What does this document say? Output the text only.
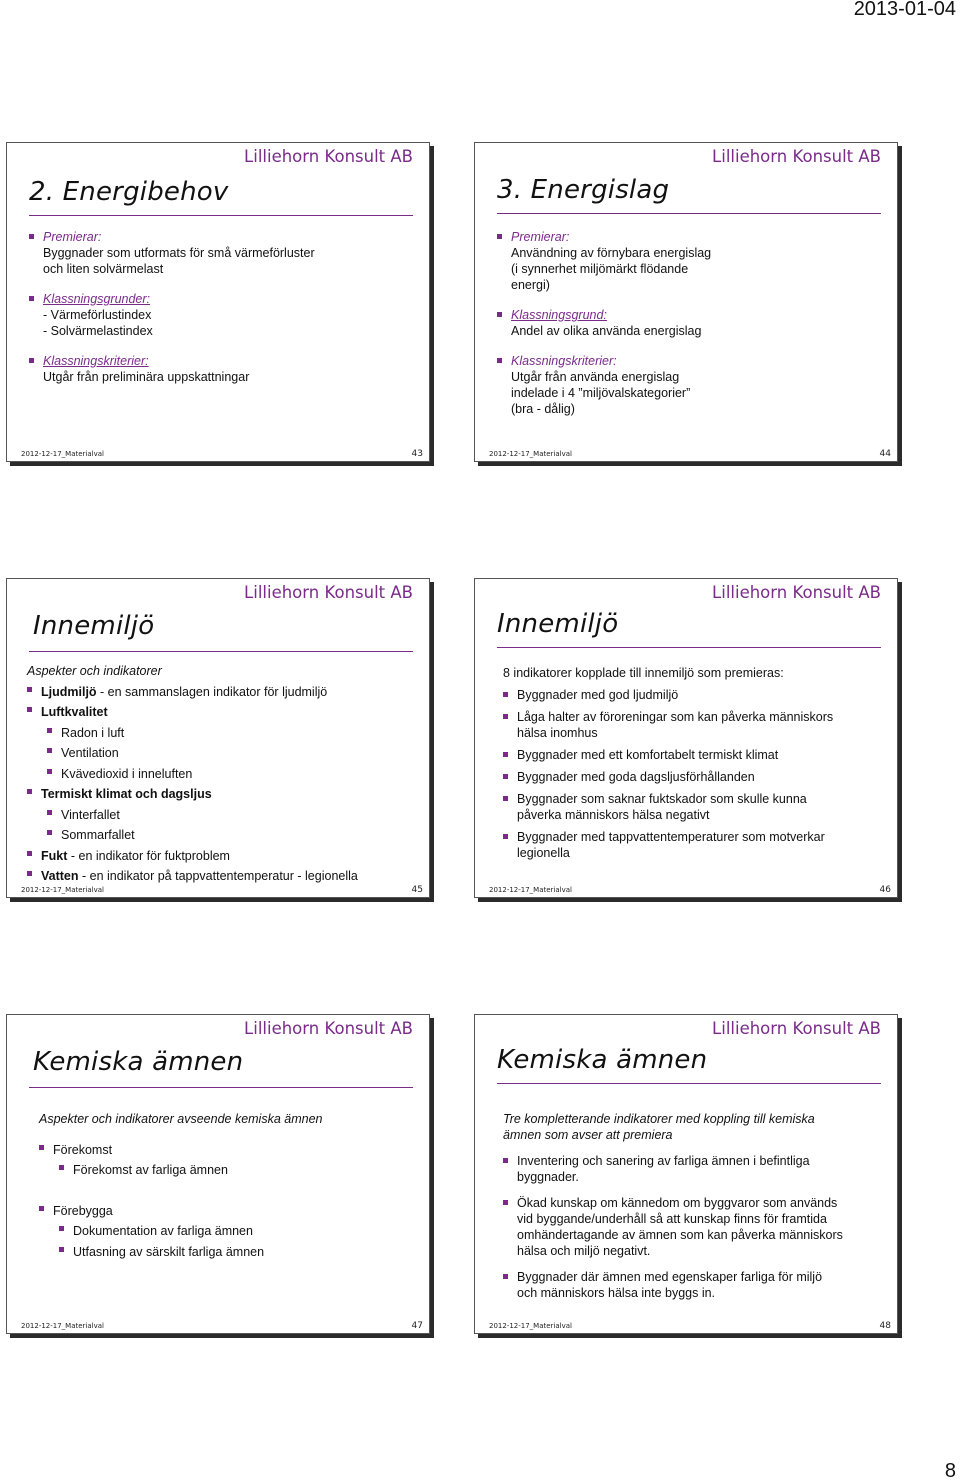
2013-01-04
Lilliehorn Konsult AB
2. Energibehov
Premierar:
Byggnader som utformats för små värmeförluster
och liten solvärmelast
Klassningsgrunder:
- Värmeförlustindex
- Solvärmelastindex
Klassningskriterier:
Utgår från preliminära uppskattningar
2012-12-17_Materialval	43
Lilliehorn Konsult AB
3. Energislag
Premierar:
Användning av förnybara energislag
(i synnerhet miljömärkt flödande
energi)
Klassningsgrund:
Andel av olika använda energislag
Klassningskriterier:
Utgår från använda energislag
indelade i 4 ”miljövalskategorier”
(bra - dålig)
2012-12-17_Materialval	44
Lilliehorn Konsult AB
Innemiljö
Aspekter och indikatorer
Ljudmiljö - en sammanslagen indikator för ljudmiljö
Luftkvalitet
Radon i luft
Ventilation
Kvävedioxid i inneluften
Termiskt klimat och dagsljus
Vinterfallet
Sommarfallet
Fukt - en indikator för fuktproblem
Vatten - en indikator på tappvattentemperatur - legionella
2012-12-17_Materialval	45
Lilliehorn Konsult AB
Innemiljö
8 indikatorer kopplade till innemiljö som premieras:
Byggnader med god ljudmiljö
Låga halter av föroreningar som kan påverka människors
hälsa inomhus
Byggnader med ett komfortabelt termiskt klimat
Byggnader med goda dagsljusförhållanden
Byggnader som saknar fuktskador som skulle kunna
påverka människors hälsa negativt
Byggnader med tappvattentemperaturer som motverkar
legionella
2012-12-17_Materialval	46
Lilliehorn Konsult AB
Kemiska ämnen
Aspekter och indikatorer avseende kemiska ämnen
Förekomst
Förekomst av farliga ämnen
Förebygga
Dokumentation av farliga ämnen
Utfasning av särskilt farliga ämnen
2012-12-17_Materialval	47
Lilliehorn Konsult AB
Kemiska ämnen
Tre kompletterande indikatorer med koppling till kemiska
ämnen som avser att premiera
Inventering och sanering av farliga ämnen i befintliga
byggnader.
Ökad kunskap om kännedom om byggvaror som används
vid byggande/underhåll så att kunskap finns för framtida
omhändertagande av ämnen som kan påverka människors
hälsa och miljö negativt.
Byggnader där ämnen med egenskaper farliga för miljö
och människors hälsa inte byggs in.
2012-12-17_Materialval	48
8
